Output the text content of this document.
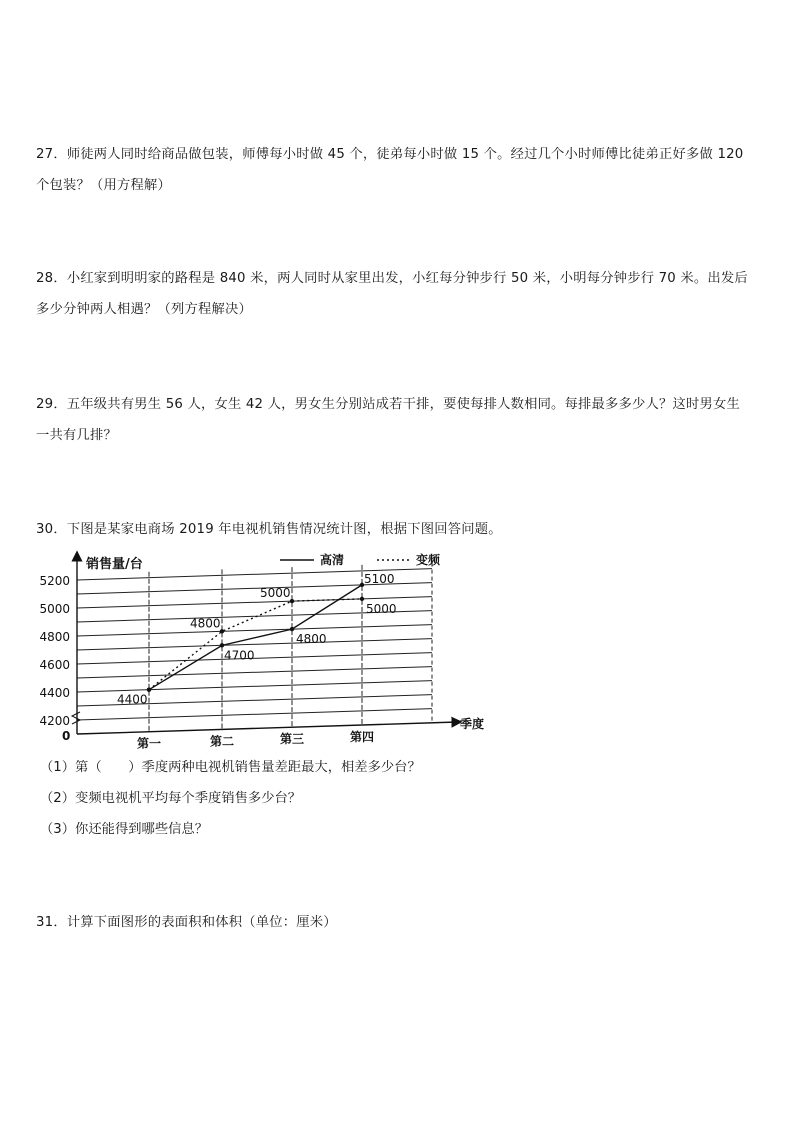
27．师徒两人同时给商品做包装，师傅每小时做 45 个，徒弟每小时做 15 个。经过几个小时师傅比徒弟正好多做 120

个包装？（用方程解）

28．小红家到明明家的路程是 840 米，两人同时从家里出发，小红每分钟步行 50 米，小明每分钟步行 70 米。出发后

多少分钟两人相遇？（列方程解决）

29．五年级共有男生 56 人，女生 42 人，男女生分别站成若干排，要使每排人数相同。每排最多多少人？这时男女生

一共有几排？

30．下图是某家电商场 2019 年电视机销售情况统计图，根据下图回答问题。

高清	变频
销售量/台
4200
4400
4600
4800
5000
5200
第一	第二	第三	第四
0
季度
4400
4700
4800
4800
5000
5100
5000
（1）第（　　）季度两种电视机销售量差距最大，相差多少台？
（2）变频电视机平均每个季度销售多少台？
（3）你还能得到哪些信息？

31．计算下面图形的表面积和体积（单位：厘米）
